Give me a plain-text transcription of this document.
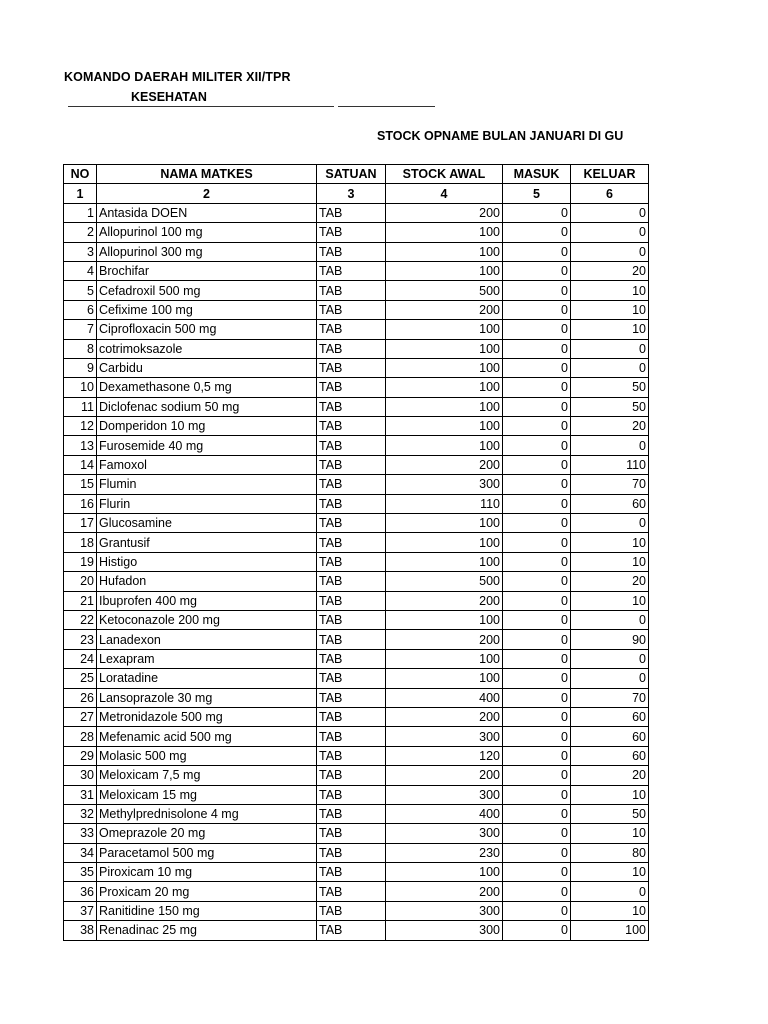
KOMANDO DAERAH MILITER XII/TPR
KESEHATAN
STOCK OPNAME BULAN JANUARI DI GU
NO	NAMA MATKES	SATUAN	STOCK AWAL	MASUK	KELUAR
1	2	3	4	5	6
1	Antasida DOEN	TAB	200	0	0
2	Allopurinol 100 mg	TAB	100	0	0
3	Allopurinol 300 mg	TAB	100	0	0
4	Brochifar	TAB	100	0	20
5	Cefadroxil 500 mg	TAB	500	0	10
6	Cefixime 100 mg	TAB	200	0	10
7	Ciprofloxacin 500 mg	TAB	100	0	10
8	cotrimoksazole	TAB	100	0	0
9	Carbidu	TAB	100	0	0
10	Dexamethasone 0,5 mg	TAB	100	0	50
11	Diclofenac sodium 50 mg	TAB	100	0	50
12	Domperidon 10 mg	TAB	100	0	20
13	Furosemide 40 mg	TAB	100	0	0
14	Famoxol	TAB	200	0	110
15	Flumin	TAB	300	0	70
16	Flurin	TAB	110	0	60
17	Glucosamine	TAB	100	0	0
18	Grantusif	TAB	100	0	10
19	Histigo	TAB	100	0	10
20	Hufadon	TAB	500	0	20
21	Ibuprofen 400 mg	TAB	200	0	10
22	Ketoconazole 200 mg	TAB	100	0	0
23	Lanadexon	TAB	200	0	90
24	Lexapram	TAB	100	0	0
25	Loratadine	TAB	100	0	0
26	Lansoprazole 30 mg	TAB	400	0	70
27	Metronidazole 500 mg	TAB	200	0	60
28	Mefenamic acid 500 mg	TAB	300	0	60
29	Molasic 500 mg	TAB	120	0	60
30	Meloxicam 7,5 mg	TAB	200	0	20
31	Meloxicam 15 mg	TAB	300	0	10
32	Methylprednisolone 4 mg	TAB	400	0	50
33	Omeprazole 20 mg	TAB	300	0	10
34	Paracetamol 500 mg	TAB	230	0	80
35	Piroxicam 10 mg	TAB	100	0	10
36	Proxicam 20 mg	TAB	200	0	0
37	Ranitidine 150 mg	TAB	300	0	10
38	Renadinac 25 mg	TAB	300	0	100
